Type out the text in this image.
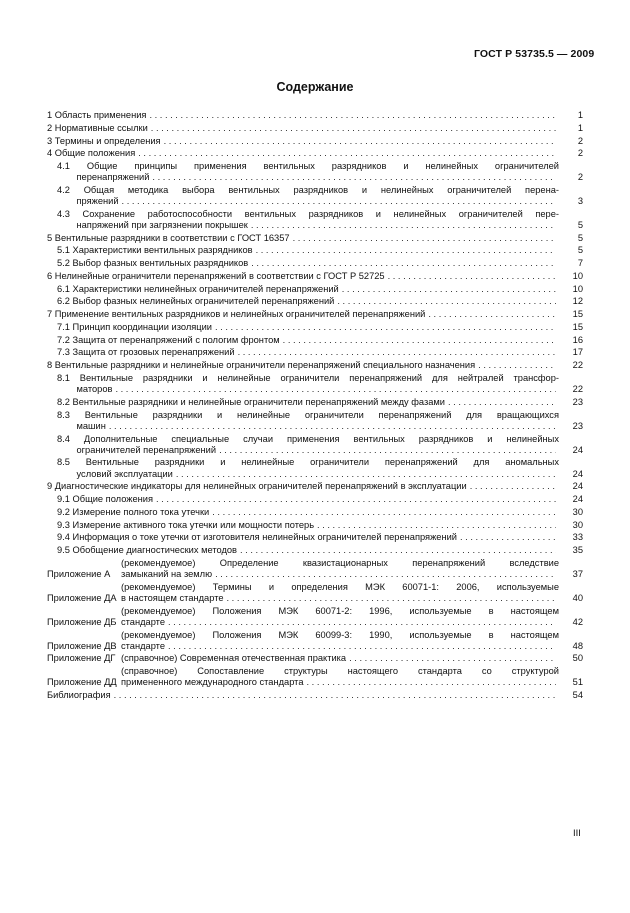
ГОСТ Р 53735.5 — 2009
Содержание
1 Область применения . . .	1
2 Нормативные ссылки . . .	1
3 Термины и определения . . .	2
4 Общие положения . . .	2
4.1 Общие принципы применения вентильных разрядников и нелинейных ограничителей
перенапряжений . . .	2
4.2 Общая методика выбора вентильных разрядников и нелинейных ограничителей перена-
пряжений . . .	3
4.3 Сохранение работоспособности вентильных разрядников и нелинейных ограничителей пере-
напряжений при загрязнении покрышек . . .	5
5 Вентильные разрядники в соответствии с ГОСТ 16357 . . .	5
5.1 Характеристики вентильных разрядников . . .	5
5.2 Выбор фазных вентильных разрядников . . .	7
6 Нелинейные ограничители перенапряжений в соответствии с ГОСТ Р 52725 . . .	10
6.1 Характеристики нелинейных ограничителей перенапряжений . . .	10
6.2 Выбор фазных нелинейных ограничителей перенапряжений . . .	12
7 Применение вентильных разрядников и нелинейных ограничителей перенапряжений . . .	15
7.1 Принцип координации изоляции . . .	15
7.2 Защита от перенапряжений с пологим фронтом . . .	16
7.3 Защита от грозовых перенапряжений . . .	17
8 Вентильные разрядники и нелинейные ограничители перенапряжений специального назначения . . .	22
8.1 Вентильные разрядники и нелинейные ограничители перенапряжений для нейтралей трансфор-
маторов . . .	22
8.2 Вентильные разрядники и нелинейные ограничители перенапряжений между фазами . . .	23
8.3 Вентильные разрядники и нелинейные ограничители перенапряжений для вращающихся
машин . . .	23
8.4 Дополнительные специальные случаи применения вентильных разрядников и нелинейных
ограничителей перенапряжений . . .	24
8.5 Вентильные разрядники и нелинейные ограничители перенапряжений для аномальных
условий эксплуатации . . .	24
9 Диагностические индикаторы для нелинейных ограничителей перенапряжений в эксплуатации . . .	24
9.1 Общие положения . . .	24
9.2 Измерение полного тока утечки . . .	30
9.3 Измерение активного тока утечки или мощности потерь . . .	30
9.4 Информация о токе утечки от изготовителя нелинейных ограничителей перенапряжений . . .	33
9.5 Обобщение диагностических методов . . .	35
Приложение А
(рекомендуемое) Определение квазистационарных перенапряжений вследствие
замыканий на землю . . .	37
Приложение ДА
(рекомендуемое) Термины и определения МЭК 60071-1: 2006, используемые
в настоящем стандарте . . .	40
Приложение ДБ
(рекомендуемое) Положения МЭК 60071-2: 1996, используемые в настоящем
стандарте . . .	42
Приложение ДВ
(рекомендуемое) Положения МЭК 60099-3: 1990, используемые в настоящем
стандарте . . .	48
Приложение ДГ (справочное) Современная отечественная практика . . .	50
Приложение ДД
(справочное) Сопоставление структуры настоящего стандарта со структурой
примененного международного стандарта . . .	51
Библиография . . .	54
III
